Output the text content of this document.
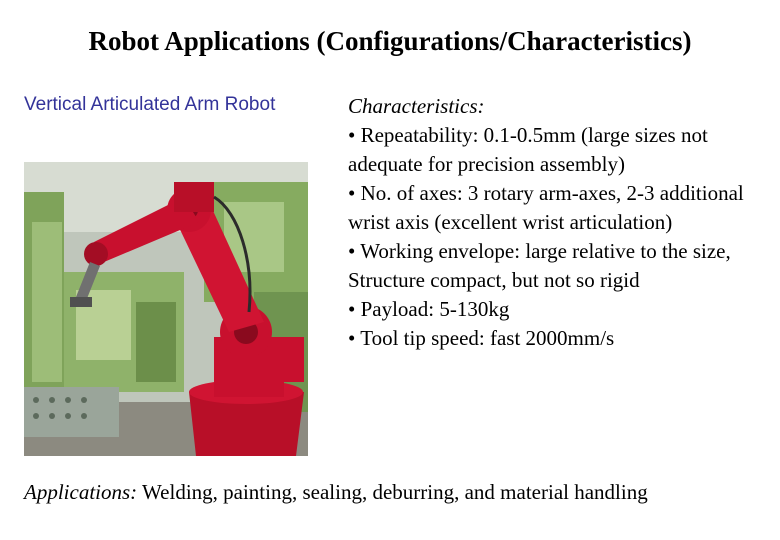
Robot Applications (Configurations/Characteristics)
Vertical Articulated Arm Robot	Characteristics:
• Repeatability: 0.1-0.5mm (large sizes not adequate for precision assembly)
• No. of axes: 3 rotary arm-axes, 2-3 additional wrist axis (excellent wrist articulation)
• Working envelope: large relative to the size, Structure compact, but not so rigid
• Payload: 5-130kg
• Tool tip speed: fast 2000mm/s
Applications: Welding, painting, sealing, deburring, and material handling
